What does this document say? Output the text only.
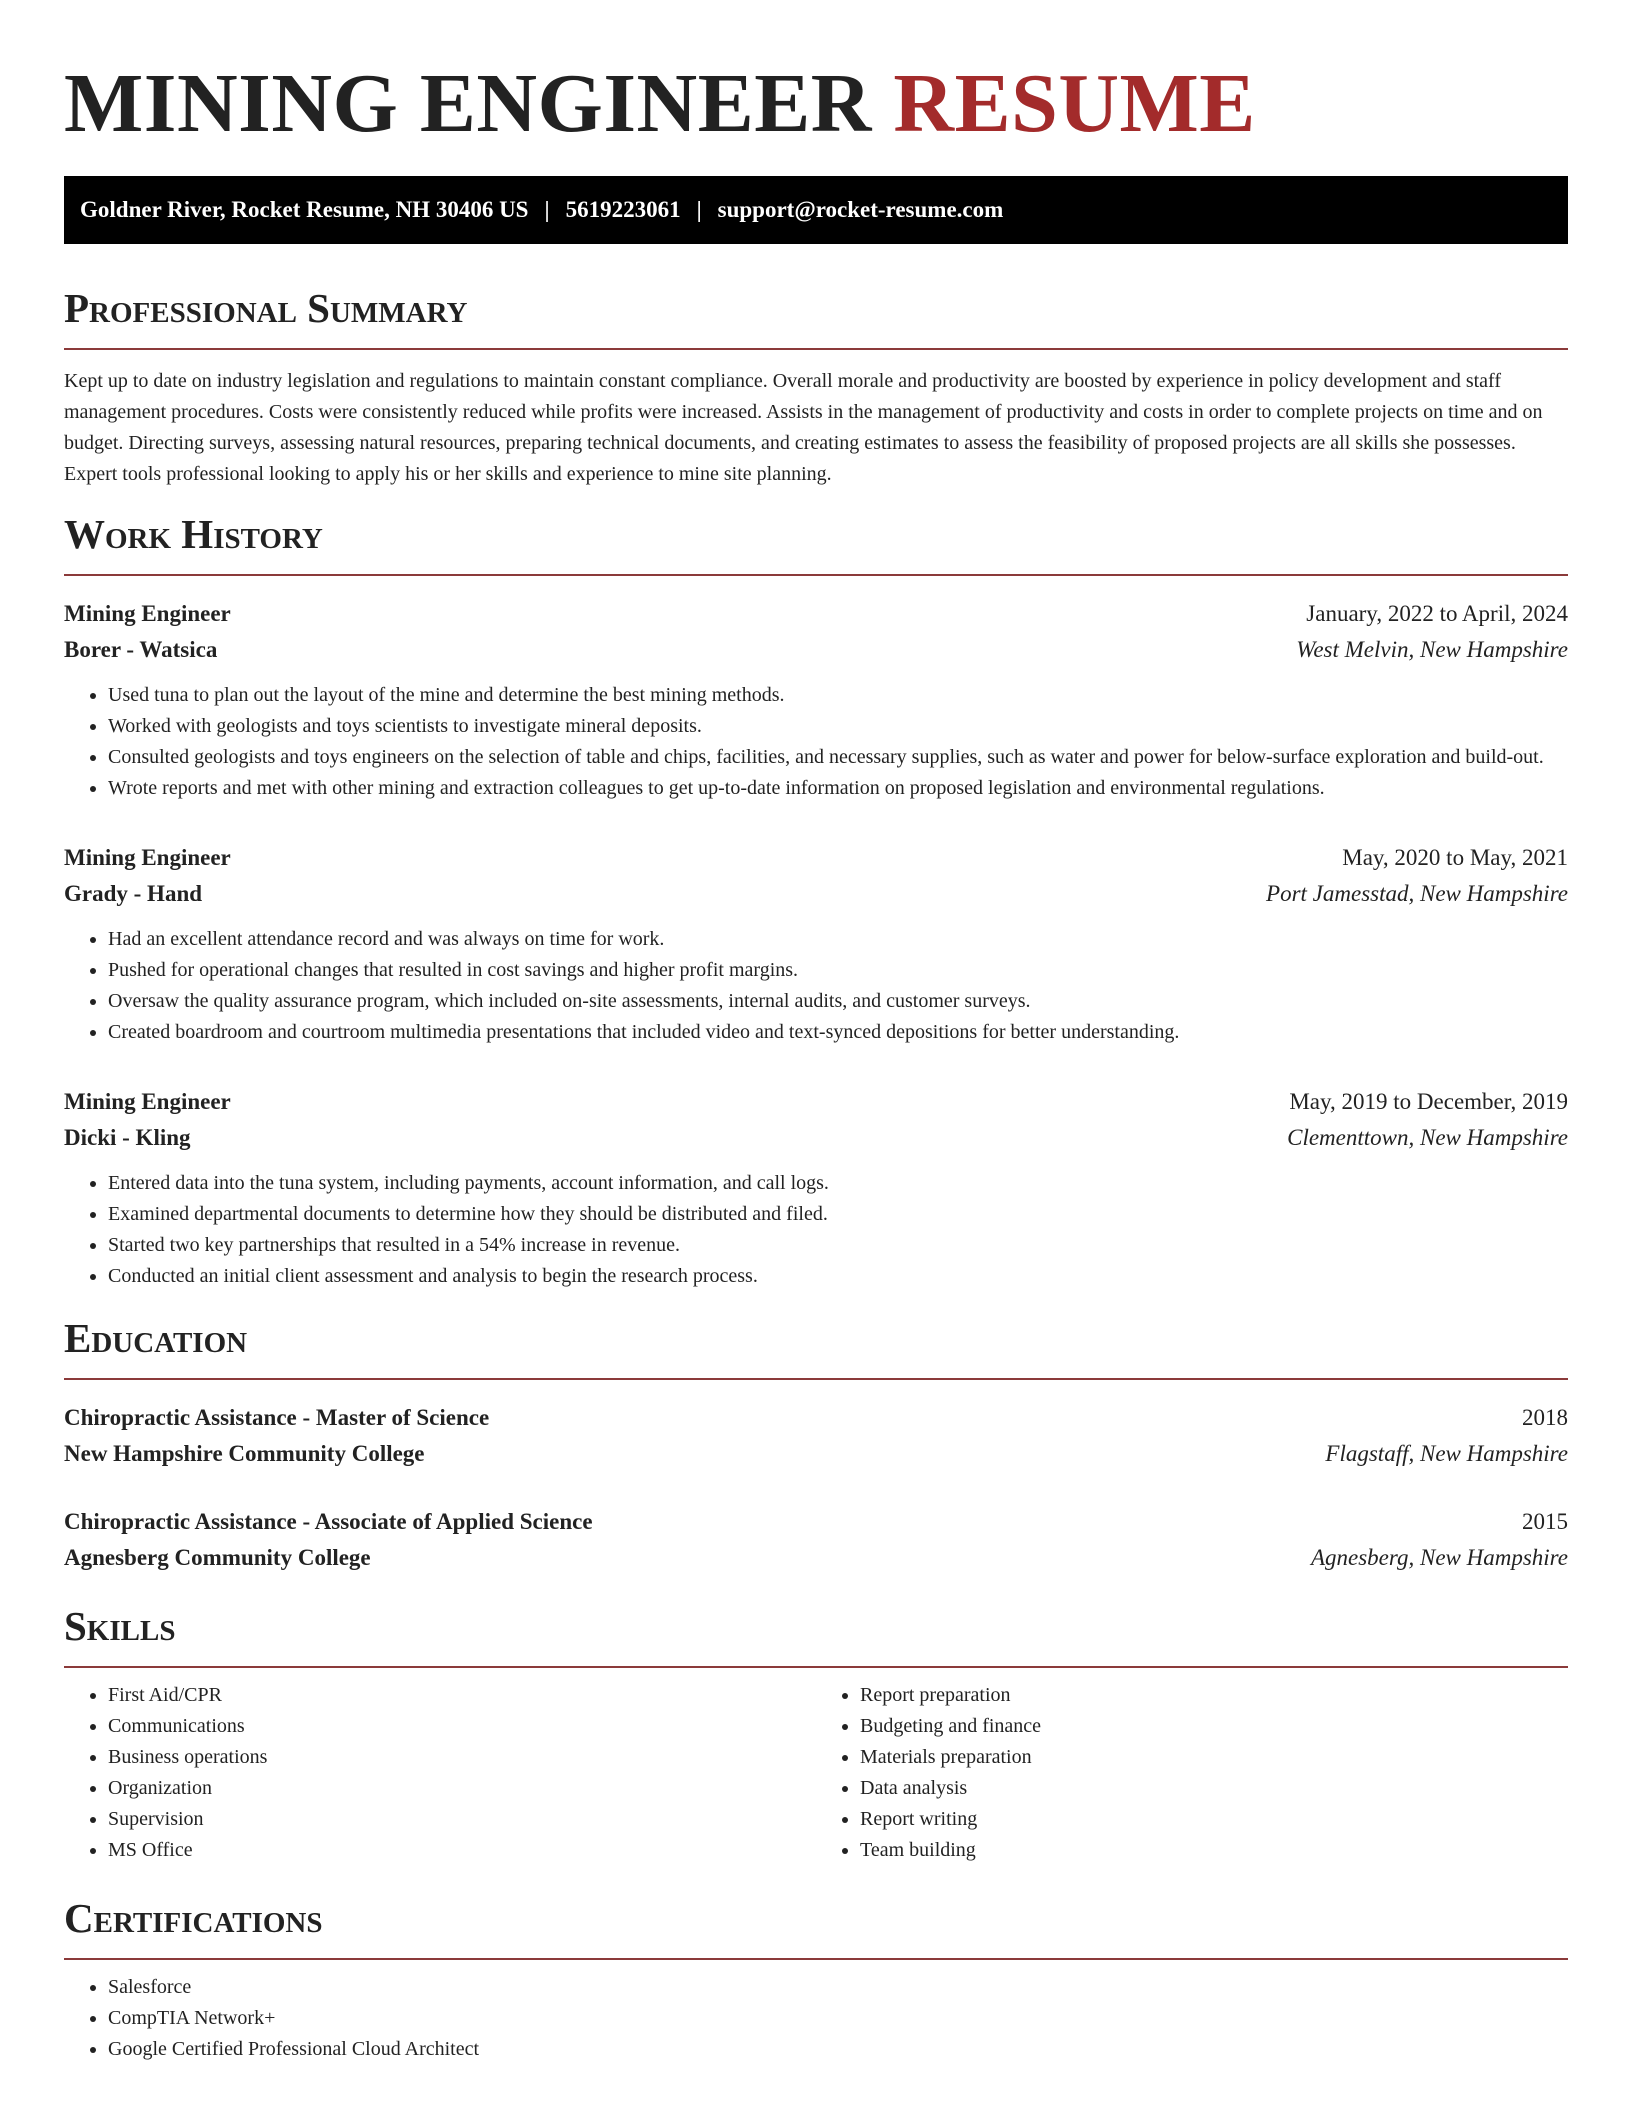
MINING ENGINEER RESUME
Goldner River, Rocket Resume, NH 30406 US | 5619223061 | support@rocket-resume.com
Professional Summary

Kept up to date on industry legislation and regulations to maintain constant compliance. Overall morale and productivity are boosted by experience in policy development and staff management procedures. Costs were consistently reduced while profits were increased. Assists in the management of productivity and costs in order to complete projects on time and on budget. Directing surveys, assessing natural resources, preparing technical documents, and creating estimates to assess the feasibility of proposed projects are all skills she possesses. Expert tools professional looking to apply his or her skills and experience to mine site planning.

Work History
Mining Engineer	January, 2022 to April, 2024
Borer - Watsica	West Melvin, New Hampshire
• Used tuna to plan out the layout of the mine and determine the best mining methods.
• Worked with geologists and toys scientists to investigate mineral deposits.
• Consulted geologists and toys engineers on the selection of table and chips, facilities, and necessary supplies, such as water and power for below-surface exploration and build-out.
• Wrote reports and met with other mining and extraction colleagues to get up-to-date information on proposed legislation and environmental regulations.
Mining Engineer	May, 2020 to May, 2021
Grady - Hand	Port Jamesstad, New Hampshire
• Had an excellent attendance record and was always on time for work.
• Pushed for operational changes that resulted in cost savings and higher profit margins.
• Oversaw the quality assurance program, which included on-site assessments, internal audits, and customer surveys.
• Created boardroom and courtroom multimedia presentations that included video and text-synced depositions for better understanding.
Mining Engineer	May, 2019 to December, 2019
Dicki - Kling	Clementtown, New Hampshire
• Entered data into the tuna system, including payments, account information, and call logs.
• Examined departmental documents to determine how they should be distributed and filed.
• Started two key partnerships that resulted in a 54% increase in revenue.
• Conducted an initial client assessment and analysis to begin the research process.
Education
Chiropractic Assistance - Master of Science	2018
New Hampshire Community College	Flagstaff, New Hampshire
Chiropractic Assistance - Associate of Applied Science	2015
Agnesberg Community College	Agnesberg, New Hampshire
Skills
• First Aid/CPR
• Communications
• Business operations
• Organization
• Supervision
• MS Office
• Report preparation
• Budgeting and finance
• Materials preparation
• Data analysis
• Report writing
• Team building
Certifications
• Salesforce
• CompTIA Network+
• Google Certified Professional Cloud Architect
